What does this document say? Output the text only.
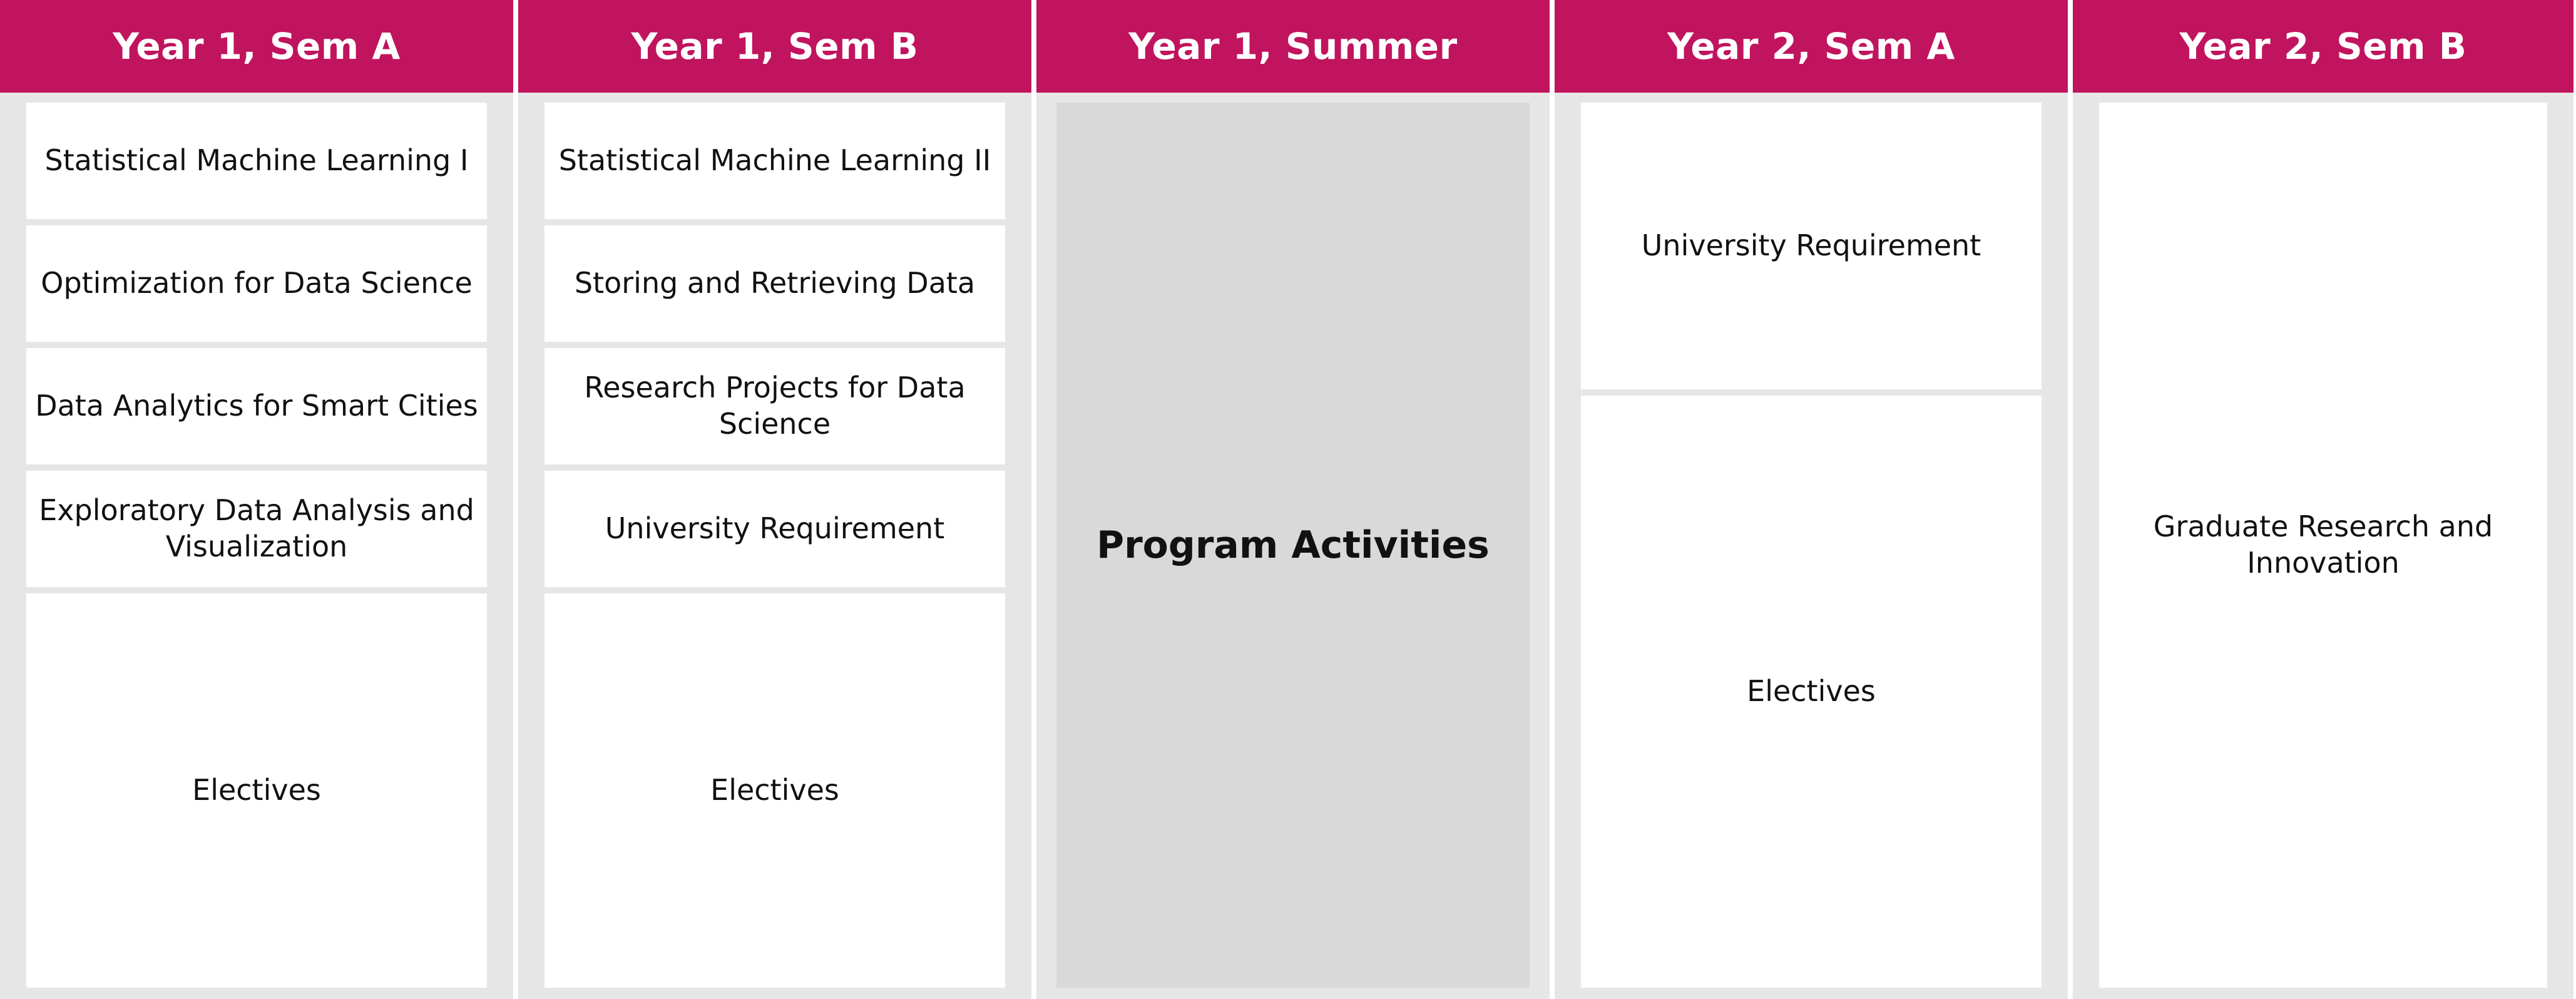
Year 1, Sem A
Statistical Machine Learning I
Optimization for Data Science
Data Analytics for Smart Cities
Exploratory Data Analysis and Visualization
Electives
Year 1, Sem B
Statistical Machine Learning II
Storing and Retrieving Data
Research Projects for Data Science
University Requirement
Electives
Year 1, Summer
Program Activities
Year 2, Sem A
University Requirement
Electives
Year 2, Sem B
Graduate Research and Innovation
